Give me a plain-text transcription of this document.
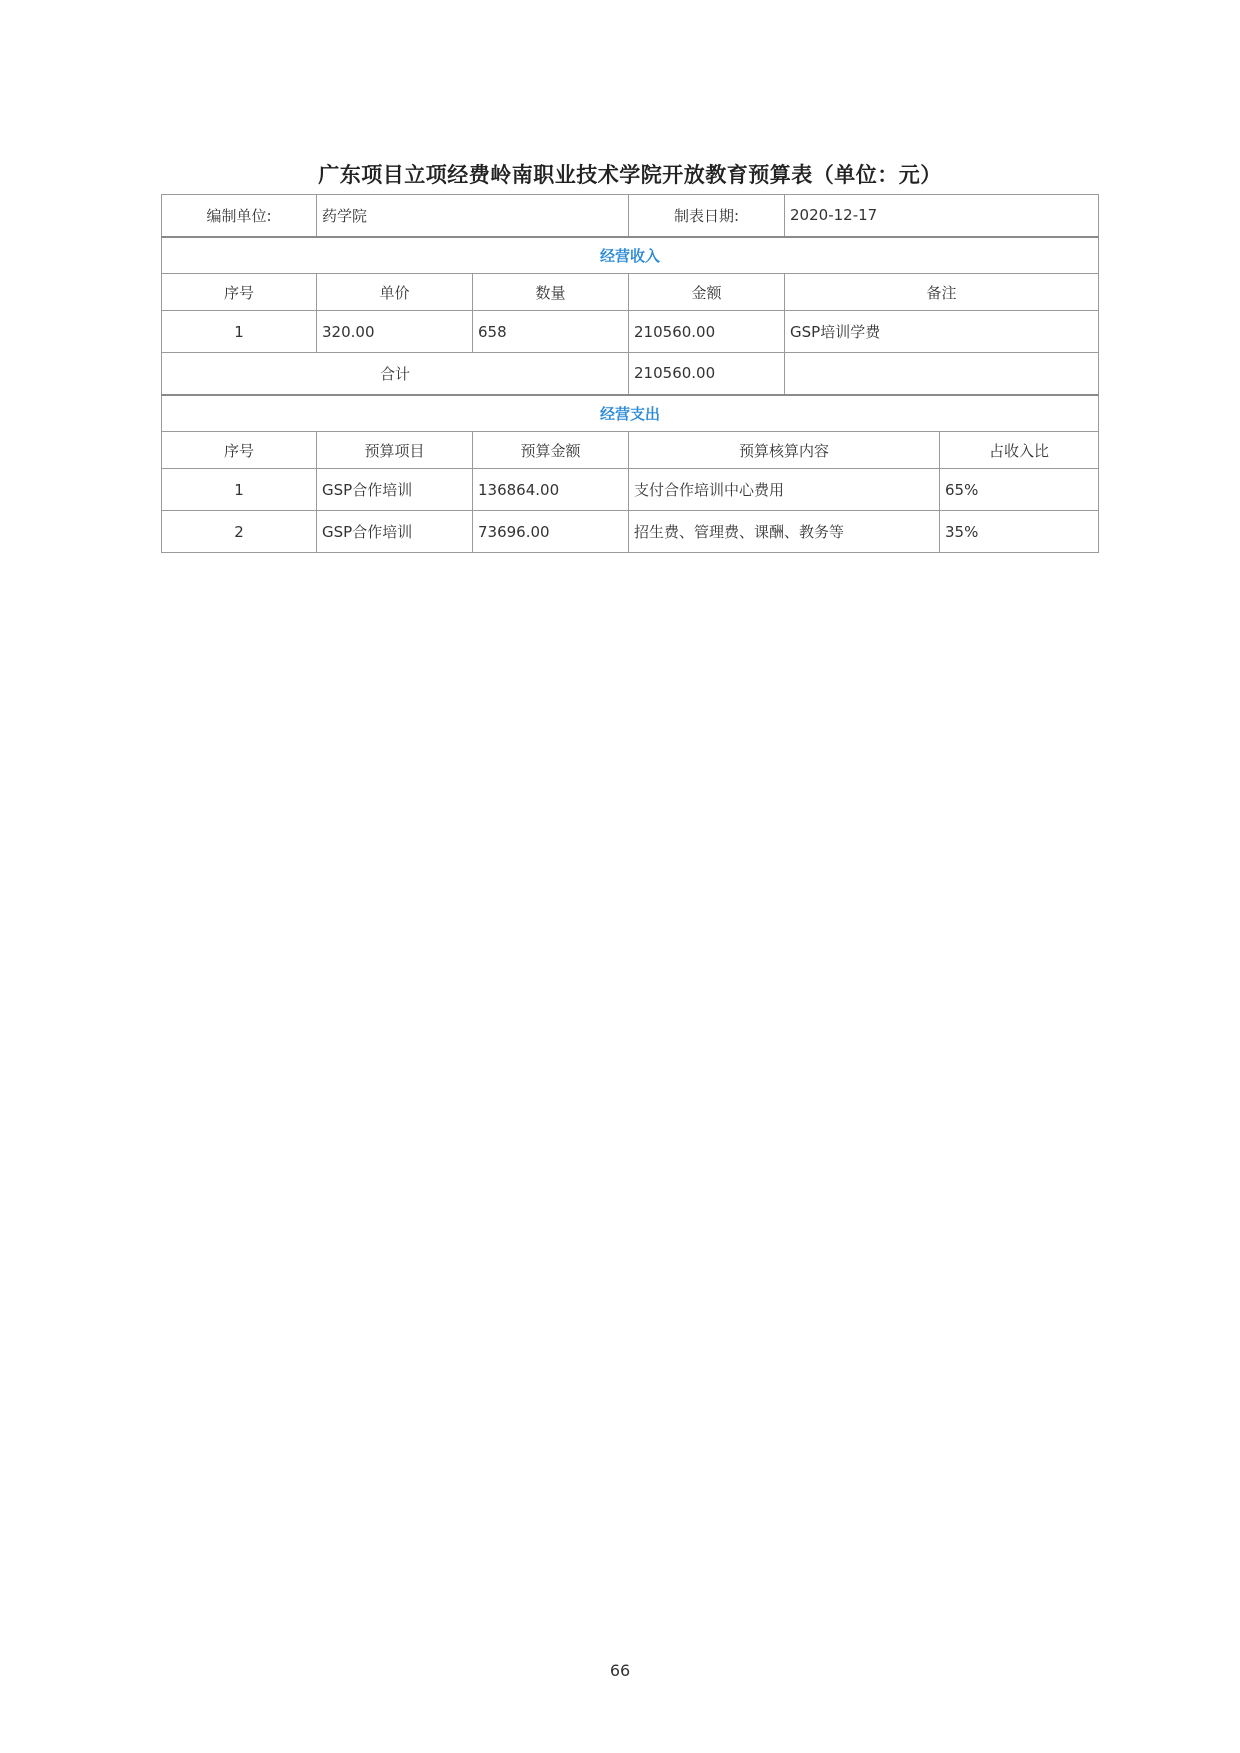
广东项目立项经费岭南职业技术学院开放教育预算表（单位：元）
编制单位:	药学院		制表日期:	2020-12-17	
经营收入					
序号	单价	数量	金额	备注	
1	320.00	658	210560.00	GSP培训学费	
合计			210560.00		
经营支出					
序号	预算项目	预算金额	预算核算内容		占收入比
1	GSP合作培训	136864.00	支付合作培训中心费用		65%
2	GSP合作培训	73696.00	招生费、管理费、课酬、教务等		35%
66
